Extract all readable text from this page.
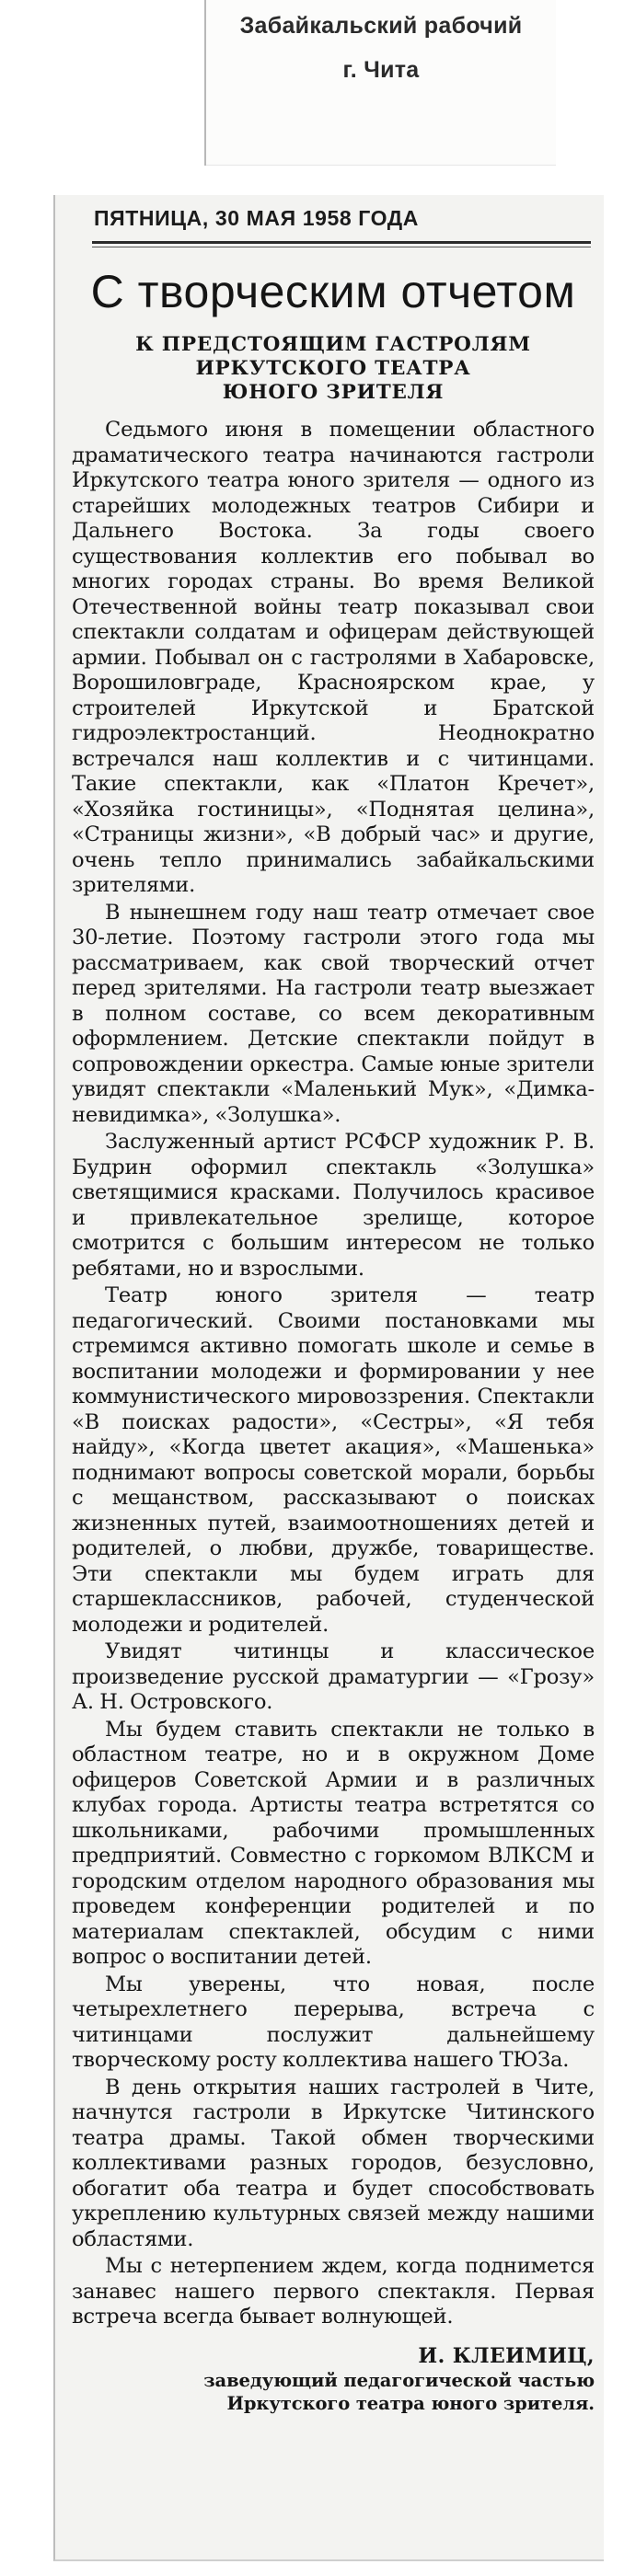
Забайкальский рабочий
г. Чита
ПЯТНИЦА, 30 МАЯ 1958 ГОДА
С творческим отчетом
К ПРЕДСТОЯЩИМ ГАСТРОЛЯМ
ИРКУТСКОГО ТЕАТРА
ЮНОГО ЗРИТЕЛЯ

Седьмого июня в помещении областного драматического театра начинаются гастроли Иркутского театра юного зрителя — одного из старейших молодежных театров Сибири и Дальнего Востока. За годы своего существования коллектив его побывал во многих городах страны. Во время Великой Отечественной войны театр показывал свои спектакли солдатам и офицерам действующей армии. Побывал он с гастролями в Хабаровске, Ворошиловграде, Красноярском крае, у строителей Иркутской и Братской гидроэлектростанций. Неоднократно встречался наш коллектив и с читинцами. Такие спектакли, как «Платон Кречет», «Хозяйка гостиницы», «Поднятая целина», «Страницы жизни», «В добрый час» и другие, очень тепло принимались забайкальскими зрителями.

В нынешнем году наш театр отмечает свое 30-летие. Поэтому гастроли этого года мы рассматриваем, как свой творческий отчет перед зрителями. На гастроли театр выезжает в полном составе, со всем декоративным оформлением. Детские спектакли пойдут в сопровождении оркестра. Самые юные зрители увидят спектакли «Маленький Мук», «Димка-невидимка», «Золушка».

Заслуженный артист РСФСР художник Р. В. Будрин оформил спектакль «Золушка» светящимися красками. Получилось красивое и привлекательное зрелище, которое смотрится с большим интересом не только ребятами, но и взрослыми.

Театр юного зрителя — театр педагогический. Своими постановками мы стремимся активно помогать школе и семье в воспитании молодежи и формировании у нее коммунистического мировоззрения. Спектакли «В поисках радости», «Сестры», «Я тебя найду», «Когда цветет акация», «Машенька» поднимают вопросы советской морали, борьбы с мещанством, рассказывают о поисках жизненных путей, взаимоотношениях детей и родителей, о любви, дружбе, товариществе. Эти спектакли мы будем играть для старшеклассников, рабочей, студенческой молодежи и родителей.

Увидят читинцы и классическое произведение русской драматургии — «Грозу» А. Н. Островского.

Мы будем ставить спектакли не только в областном театре, но и в окружном Доме офицеров Советской Армии и в различных клубах города. Артисты театра встретятся со школьниками, рабочими промышленных предприятий. Совместно с горкомом ВЛКСМ и городским отделом народного образования мы проведем конференции родителей и по материалам спектаклей, обсудим с ними вопрос о воспитании детей.

Мы уверены, что новая, после четырехлетнего перерыва, встреча с читинцами послужит дальнейшему творческому росту коллектива нашего ТЮЗа.

В день открытия наших гастролей в Чите, начнутся гастроли в Иркутске Читинского театра драмы. Такой обмен творческими коллективами разных городов, безусловно, обогатит оба театра и будет способствовать укреплению культурных связей между нашими областями.

Мы с нетерпением ждем, когда поднимется занавес нашего первого спектакля. Первая встреча всегда бывает волнующей.

И. КЛЕИМИЦ,
заведующий педагогической частью
Иркутского театра юного зрителя.
